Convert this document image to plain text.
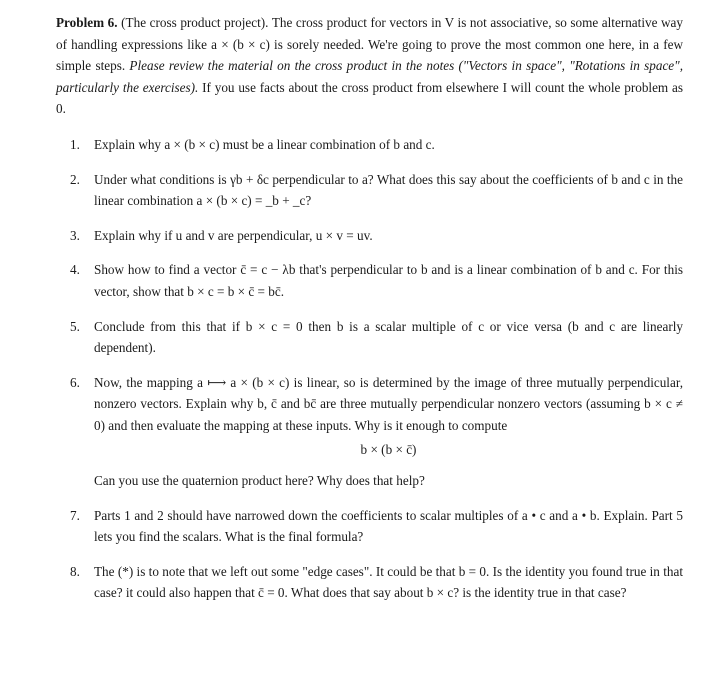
Problem 6. (The cross product project). The cross product for vectors in V is not associative, so some alternative way of handling expressions like a × (b × c) is sorely needed. We're going to prove the most common one here, in a few simple steps. Please review the material on the cross product in the notes ("Vectors in space", "Rotations in space", particularly the exercises). If you use facts about the cross product from elsewhere I will count the whole problem as 0.

1.	Explain why a × (b × c) must be a linear combination of b and c.
2.	Under what conditions is γb + δc perpendicular to a? What does this say about the coefficients of b and c in the linear combination a × (b × c) = _b + _c?
3.	Explain why if u and v are perpendicular, u × v = uv.
4.	Show how to find a vector c̄ = c − λb that's perpendicular to b and is a linear combination of b and c. For this vector, show that b × c = b × c̄ = bc̄.
5.	Conclude from this that if b × c = 0 then b is a scalar multiple of c or vice versa (b and c are linearly dependent).
6.	Now, the mapping a ⟼ a × (b × c) is linear, so is determined by the image of three mutually perpendicular, nonzero vectors. Explain why b, c̄ and bc̄ are three mutually perpendicular nonzero vectors (assuming b × c ≠ 0) and then evaluate the mapping at these inputs. Why is it enough to compute
b × (b × c̄)
Can you use the quaternion product here? Why does that help?
7.	Parts 1 and 2 should have narrowed down the coefficients to scalar multiples of a • c and a • b. Explain. Part 5 lets you find the scalars. What is the final formula?
8.	The (*) is to note that we left out some "edge cases". It could be that b = 0. Is the identity you found true in that case? it could also happen that c̄ = 0. What does that say about b × c? is the identity true in that case?
